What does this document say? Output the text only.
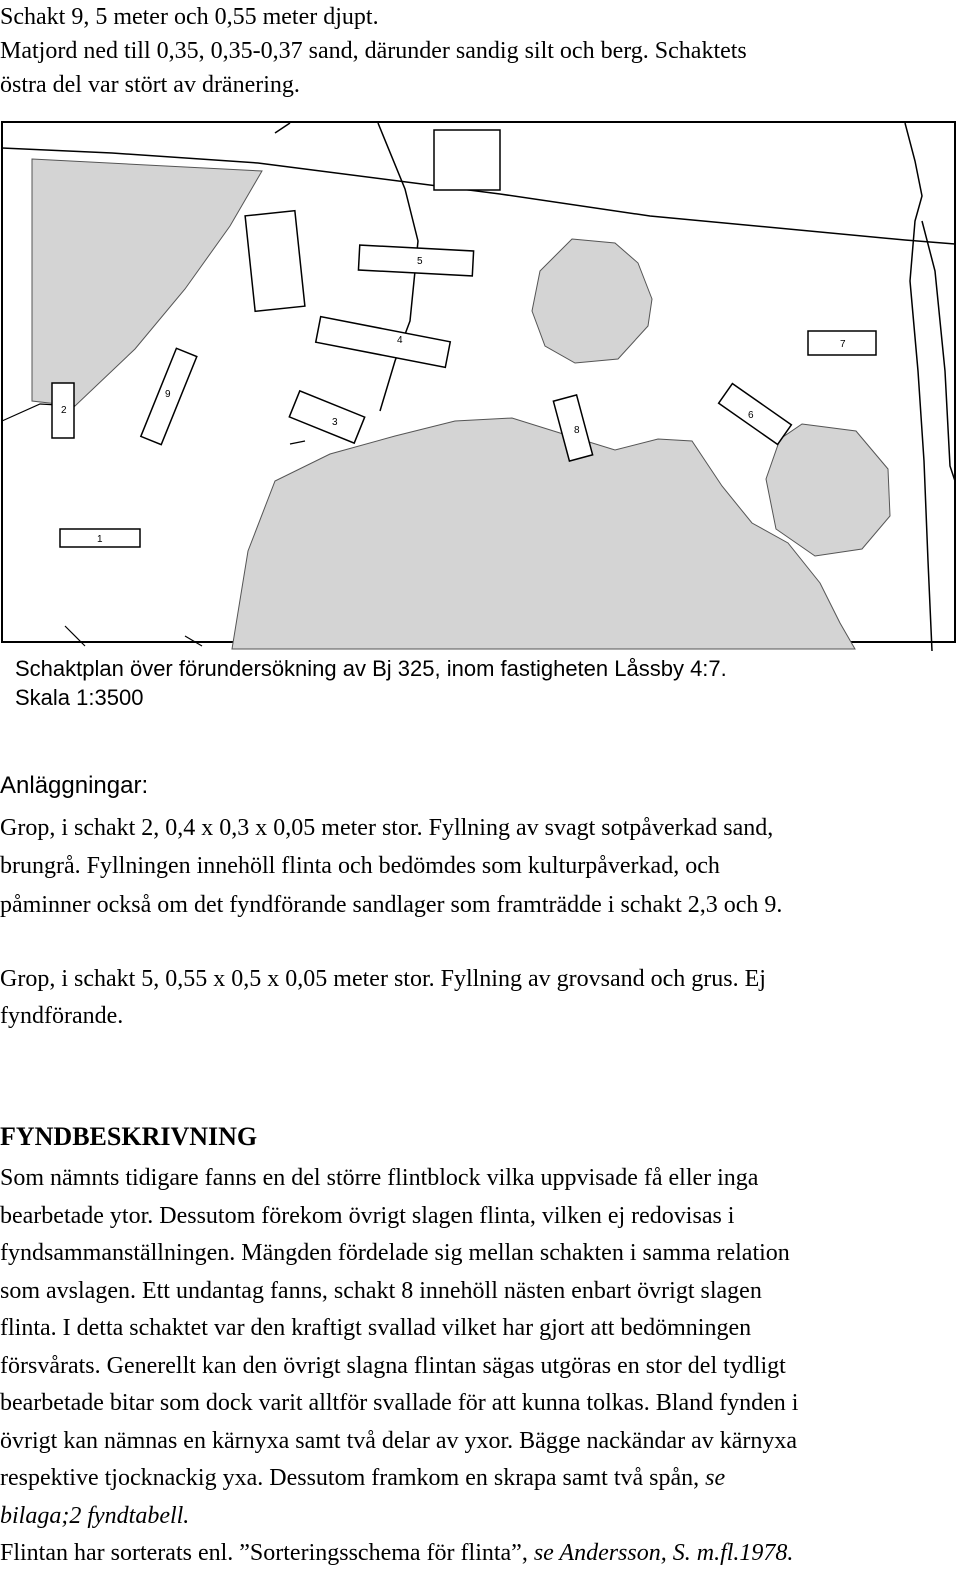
Schakt 9, 5 meter och 0,55 meter djupt.
Matjord ned till 0,35, 0,35-0,37 sand, därunder sandig silt och berg. Schaktets
östra del var stört av dränering.
1
2
3
4
5
6
7
8
9
Schaktplan över förundersökning av Bj 325, inom fastigheten Låssby 4:7.
Skala 1:3500
Anläggningar:
Grop, i schakt 2, 0,4 x 0,3 x 0,05 meter stor. Fyllning av svagt sotpåverkad sand,
brungrå. Fyllningen innehöll flinta och bedömdes som kulturpåverkad, och
påminner också om det fyndförande sandlager som framträdde i schakt 2,3 och 9.
Grop, i schakt 5, 0,55 x 0,5 x 0,05 meter stor. Fyllning av grovsand och grus. Ej
fyndförande.
FYNDBESKRIVNING
Som nämnts tidigare fanns en del större flintblock vilka uppvisade få eller inga
bearbetade ytor. Dessutom förekom övrigt slagen flinta, vilken ej redovisas i
fyndsammanställningen. Mängden fördelade sig mellan schakten i samma relation
som avslagen. Ett undantag fanns, schakt 8 innehöll nästen enbart övrigt slagen
flinta. I detta schaktet var den kraftigt svallad vilket har gjort att bedömningen
försvårats. Generellt kan den övrigt slagna flintan sägas utgöras en stor del tydligt
bearbetade bitar som dock varit alltför svallade för att kunna tolkas. Bland fynden i
övrigt kan nämnas en kärnyxa samt två delar av yxor. Bägge nackändar av kärnyxa
respektive tjocknackig yxa. Dessutom framkom en skrapa samt två spån, se
bilaga;2 fyndtabell.
Flintan har sorterats enl. ”Sorteringsschema för flinta”, se Andersson, S. m.fl.1978.
